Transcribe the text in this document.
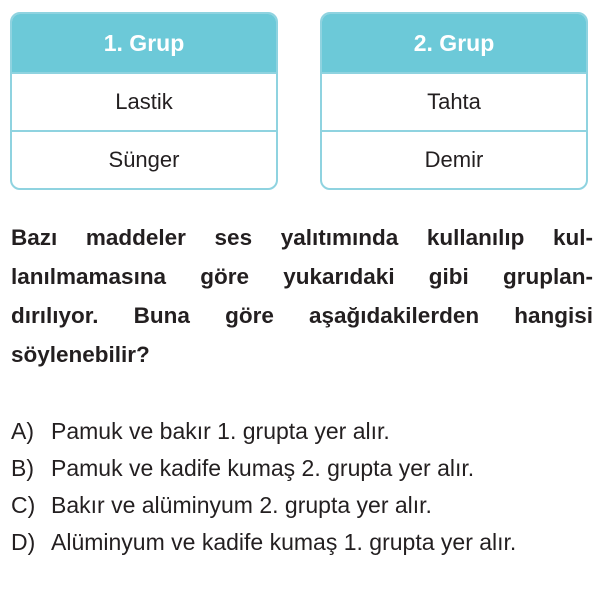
1. Grup
Lastik
Sünger
2. Grup
Tahta
Demir
Bazı maddeler ses yalıtımında kullanılıp kul-
lanılmamasına göre yukarıdaki gibi gruplan-
dırılıyor. Buna göre aşağıdakilerden hangisi
söylenebilir?
A) Pamuk ve bakır 1. grupta yer alır.
B) Pamuk ve kadife kumaş 2. grupta yer alır.
C) Bakır ve alüminyum 2. grupta yer alır.
D) Alüminyum ve kadife kumaş 1. grupta yer alır.
